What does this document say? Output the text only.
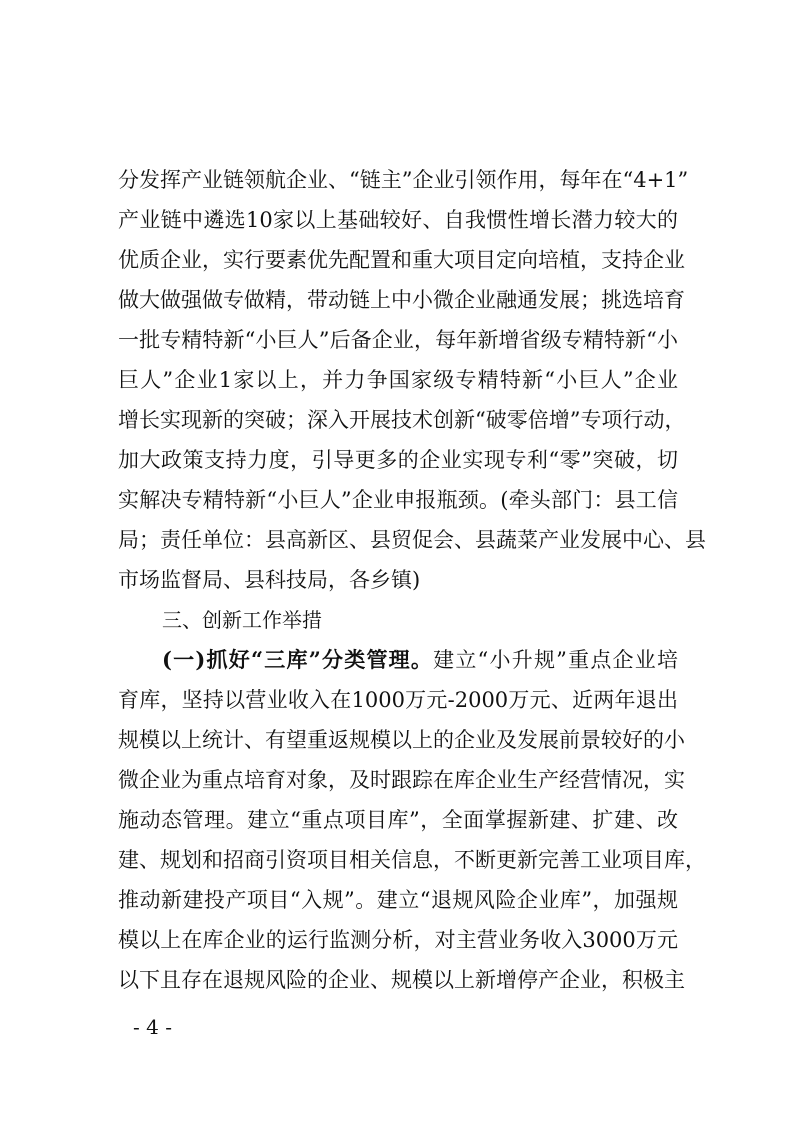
分发挥产业链领航企业、“链主”企业引领作用，每年在“4+1”
产业链中遴选10家以上基础较好、自我惯性增长潜力较大的
优质企业，实行要素优先配置和重大项目定向培植，支持企业
做大做强做专做精，带动链上中小微企业融通发展；挑选培育
一批专精特新“小巨人”后备企业，每年新增省级专精特新“小
巨人”企业1家以上，并力争国家级专精特新“小巨人”企业
增长实现新的突破；深入开展技术创新“破零倍增”专项行动，
加大政策支持力度，引导更多的企业实现专利“零”突破，切
实解决专精特新“小巨人”企业申报瓶颈。(牵头部门：县工信
局；责任单位：县高新区、县贸促会、县蔬菜产业发展中心、县
市场监督局、县科技局，各乡镇)
三、创新工作举措
(一)抓好“三库”分类管理。建立“小升规”重点企业培
育库，坚持以营业收入在1000万元-2000万元、近两年退出
规模以上统计、有望重返规模以上的企业及发展前景较好的小
微企业为重点培育对象，及时跟踪在库企业生产经营情况，实
施动态管理。建立“重点项目库”，全面掌握新建、扩建、改
建、规划和招商引资项目相关信息，不断更新完善工业项目库，
推动新建投产项目“入规”。建立“退规风险企业库”，加强规
模以上在库企业的运行监测分析，对主营业务收入3000万元
以下且存在退规风险的企业、规模以上新增停产企业，积极主
- 4 -
